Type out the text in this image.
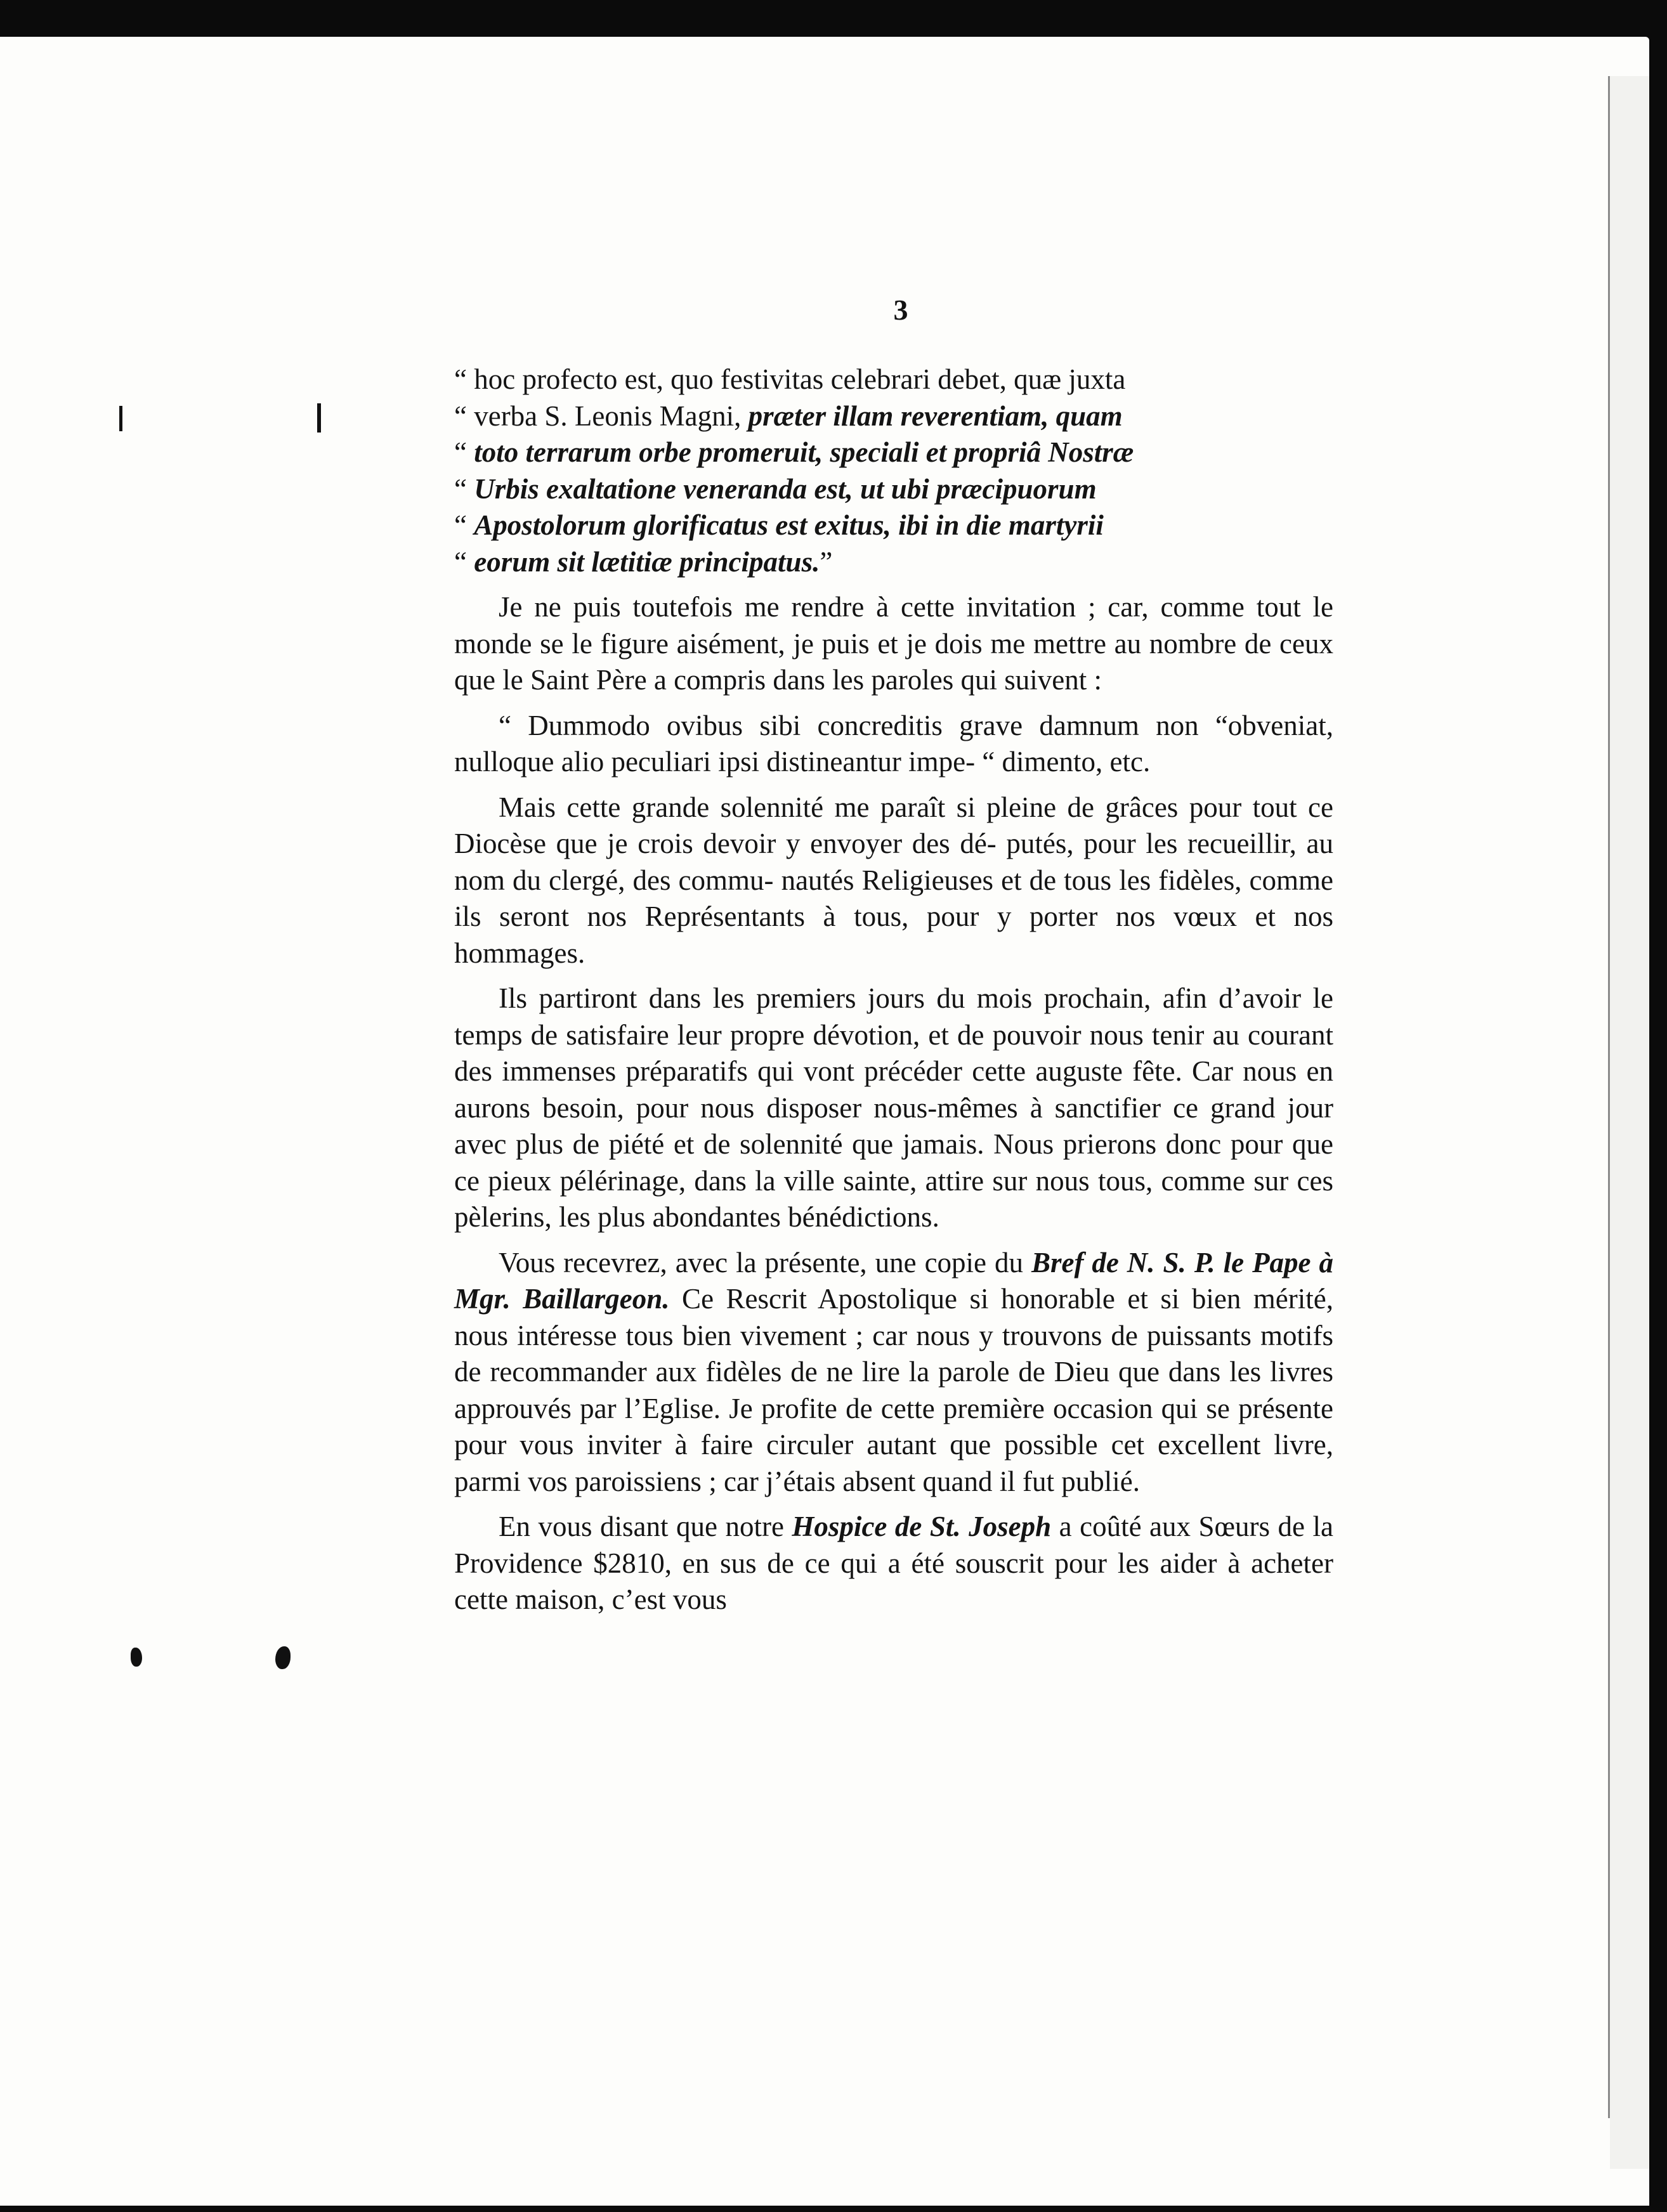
3

“ hoc profecto est, quo festivitas celebrari debet, quæ juxta
“ verba S. Leonis Magni, præter illam reverentiam, quam
“ toto terrarum orbe promeruit, speciali et propriâ Nostræ
“ Urbis exaltatione veneranda est, ut ubi præcipuorum
“ Apostolorum glorificatus est exitus, ibi in die martyrii
“ eorum sit lætitiæ principatus.”

Je ne puis toutefois me rendre à cette invitation ; car, comme tout le monde se le figure aisément, je puis et je dois me mettre au nombre de ceux que le Saint Père a compris dans les paroles qui suivent :

“ Dummodo ovibus sibi concreditis grave damnum non “obveniat, nulloque alio peculiari ipsi distineantur impe- “ dimento, etc.

Mais cette grande solennité me paraît si pleine de grâces pour tout ce Diocèse que je crois devoir y envoyer des dé- putés, pour les recueillir, au nom du clergé, des commu- nautés Religieuses et de tous les fidèles, comme ils seront nos Représentants à tous, pour y porter nos vœux et nos hommages.

Ils partiront dans les premiers jours du mois prochain, afin d’avoir le temps de satisfaire leur propre dévotion, et de pouvoir nous tenir au courant des immenses préparatifs qui vont précéder cette auguste fête. Car nous en aurons besoin, pour nous disposer nous-mêmes à sanctifier ce grand jour avec plus de piété et de solennité que jamais. Nous prierons donc pour que ce pieux pélérinage, dans la ville sainte, attire sur nous tous, comme sur ces pèlerins, les plus abondantes bénédictions.

Vous recevrez, avec la présente, une copie du Bref de N. S. P. le Pape à Mgr. Baillargeon. Ce Rescrit Apostolique si honorable et si bien mérité, nous intéresse tous bien vivement ; car nous y trouvons de puissants motifs de recommander aux fidèles de ne lire la parole de Dieu que dans les livres approuvés par l’Eglise. Je profite de cette première occasion qui se présente pour vous inviter à faire circuler autant que possible cet excellent livre, parmi vos paroissiens ; car j’étais absent quand il fut publié.

En vous disant que notre Hospice de St. Joseph a coûté aux Sœurs de la Providence $2810, en sus de ce qui a été souscrit pour les aider à acheter cette maison, c’est vous
